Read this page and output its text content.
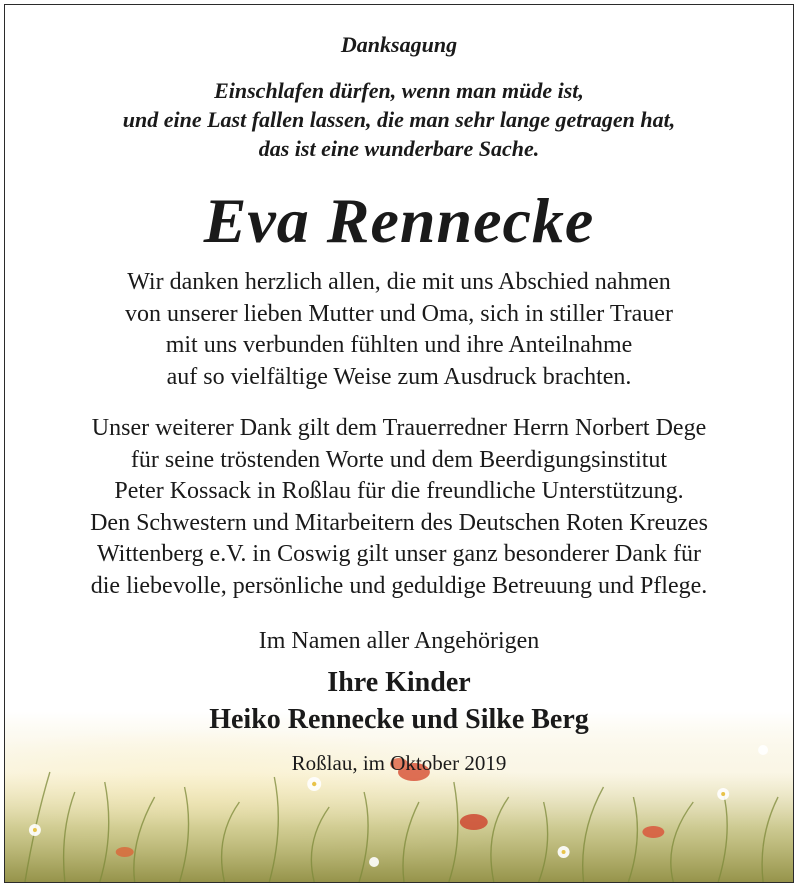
Danksagung
Einschlafen dürfen, wenn man müde ist,
und eine Last fallen lassen, die man sehr lange getragen hat,
das ist eine wunderbare Sache.
Eva Rennecke
Wir danken herzlich allen, die mit uns Abschied nahmen
von unserer lieben Mutter und Oma, sich in stiller Trauer
mit uns verbunden fühlten und ihre Anteilnahme
auf so vielfältige Weise zum Ausdruck brachten.
Unser weiterer Dank gilt dem Trauerredner Herrn Norbert Dege
für seine tröstenden Worte und dem Beerdigungsinstitut
Peter Kossack in Roßlau für die freundliche Unterstützung.
Den Schwestern und Mitarbeitern des Deutschen Roten Kreuzes
Wittenberg e.V. in Coswig gilt unser ganz besonderer Dank für
die liebevolle, persönliche und geduldige Betreuung und Pflege.
Im Namen aller Angehörigen
Ihre Kinder
Heiko Rennecke und Silke Berg
Roßlau, im Oktober 2019
